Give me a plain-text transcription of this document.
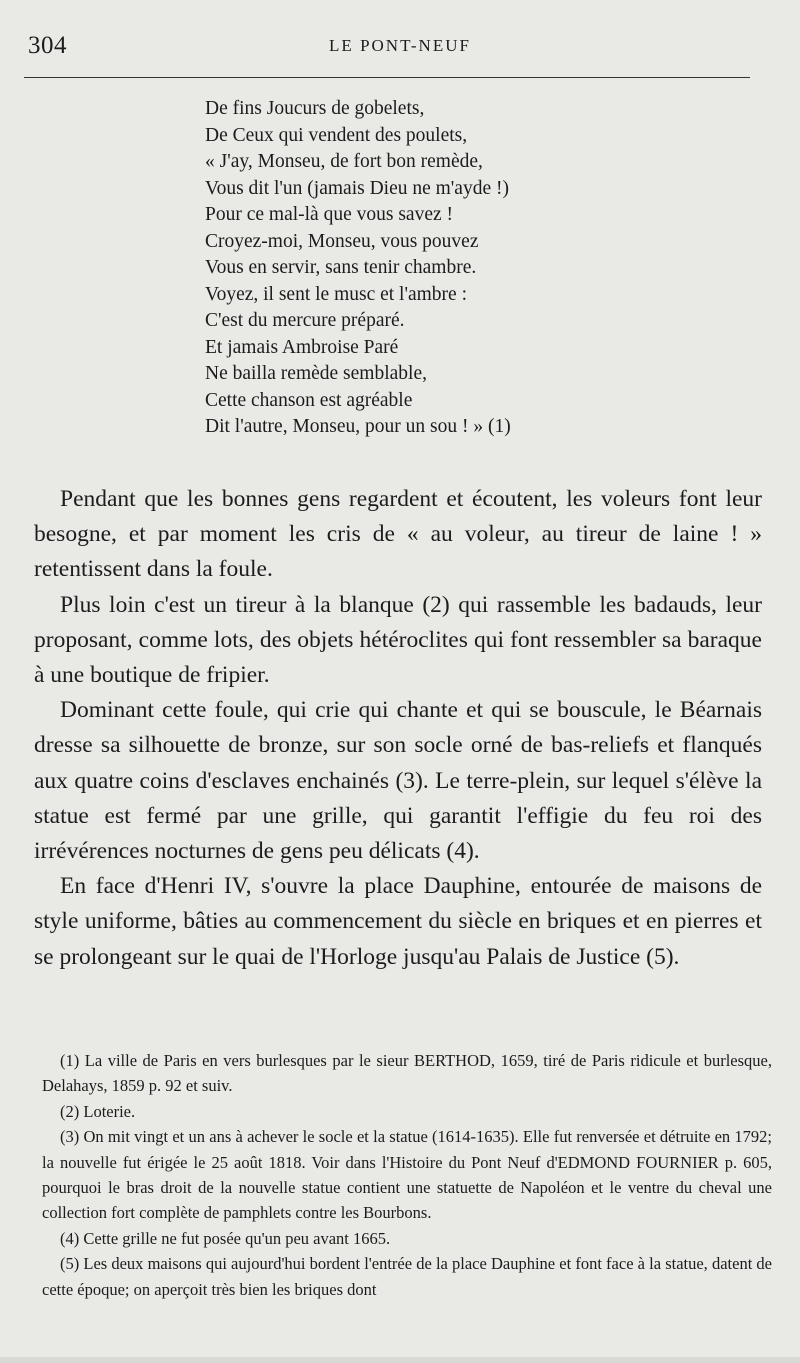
304	LE PONT-NEUF
De fins Joucurs de gobelets,
De Ceux qui vendent des poulets,
« J'ay, Monseu, de fort bon remède,
Vous dit l'un (jamais Dieu ne m'ayde !)
Pour ce mal-là que vous savez !
Croyez-moi, Monseu, vous pouvez
Vous en servir, sans tenir chambre.
Voyez, il sent le musc et l'ambre :
C'est du mercure préparé.
Et jamais Ambroise Paré
Ne bailla remède semblable,
Cette chanson est agréable
Dit l'autre, Monseu, pour un sou ! » (1)

Pendant que les bonnes gens regardent et écoutent, les voleurs font leur besogne, et par moment les cris de « au voleur, au tireur de laine ! » retentissent dans la foule.

Plus loin c'est un tireur à la blanque (2) qui rassemble les badauds, leur proposant, comme lots, des objets hétéroclites qui font ressembler sa baraque à une boutique de fripier.

Dominant cette foule, qui crie qui chante et qui se bouscule, le Béarnais dresse sa silhouette de bronze, sur son socle orné de bas-reliefs et flanqués aux quatre coins d'esclaves enchainés (3). Le terre-plein, sur lequel s'élève la statue est fermé par une grille, qui garantit l'effigie du feu roi des irrévérences nocturnes de gens peu délicats (4).

En face d'Henri IV, s'ouvre la place Dauphine, entourée de maisons de style uniforme, bâties au commencement du siècle en briques et en pierres et se prolongeant sur le quai de l'Horloge jusqu'au Palais de Justice (5).

(1) La ville de Paris en vers burlesques par le sieur BERTHOD, 1659, tiré de Paris ridicule et burlesque, Delahays, 1859 p. 92 et suiv.

(2) Loterie.

(3) On mit vingt et un ans à achever le socle et la statue (1614-1635). Elle fut renversée et détruite en 1792; la nouvelle fut érigée le 25 août 1818. Voir dans l'Histoire du Pont Neuf d'EDMOND FOURNIER p. 605, pourquoi le bras droit de la nouvelle statue contient une statuette de Napoléon et le ventre du cheval une collection fort complète de pamphlets contre les Bourbons.

(4) Cette grille ne fut posée qu'un peu avant 1665.

(5) Les deux maisons qui aujourd'hui bordent l'entrée de la place Dauphine et font face à la statue, datent de cette époque; on aperçoit très bien les briques dont
